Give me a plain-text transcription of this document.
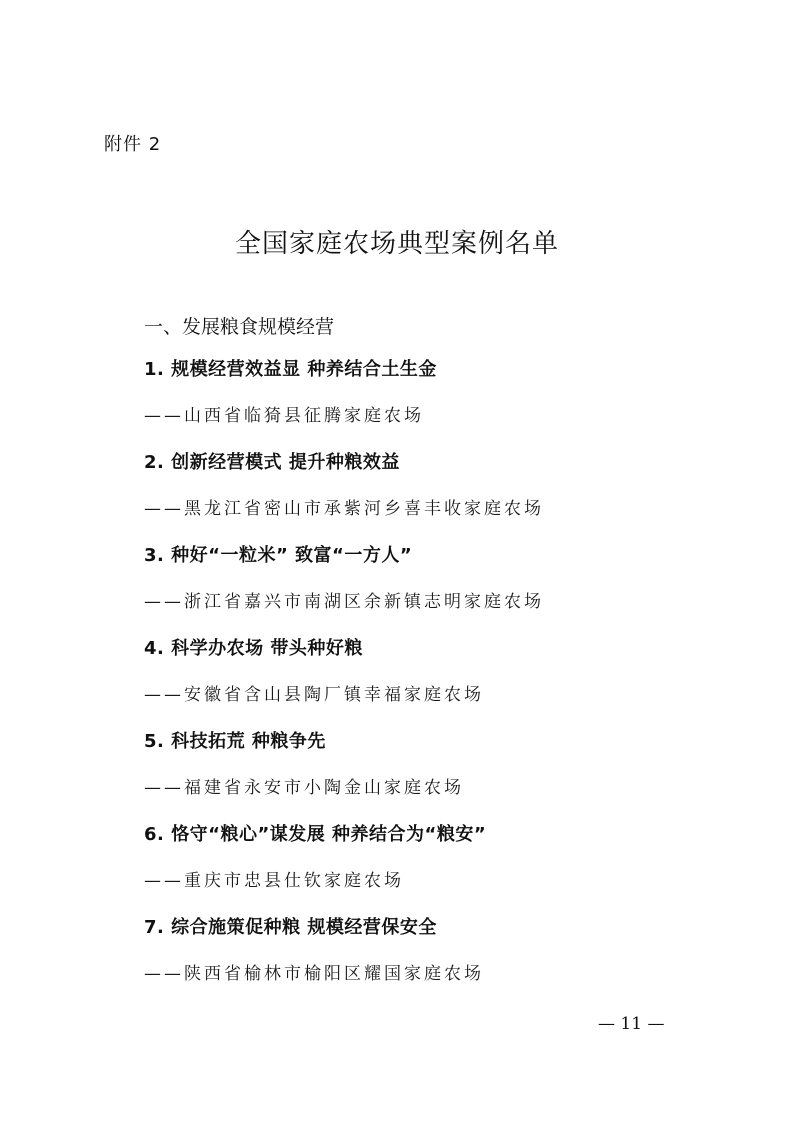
附件 2
全国家庭农场典型案例名单
一、发展粮食规模经营
1. 规模经营效益显 种养结合土生金
——山西省临猗县征腾家庭农场
2. 创新经营模式 提升种粮效益
——黑龙江省密山市承紫河乡喜丰收家庭农场
3. 种好“一粒米” 致富“一方人”
——浙江省嘉兴市南湖区余新镇志明家庭农场
4. 科学办农场 带头种好粮
——安徽省含山县陶厂镇幸福家庭农场
5. 科技拓荒 种粮争先
——福建省永安市小陶金山家庭农场
6. 恪守“粮心”谋发展 种养结合为“粮安”
——重庆市忠县仕钦家庭农场
7. 综合施策促种粮 规模经营保安全
——陕西省榆林市榆阳区耀国家庭农场
— 11 —
